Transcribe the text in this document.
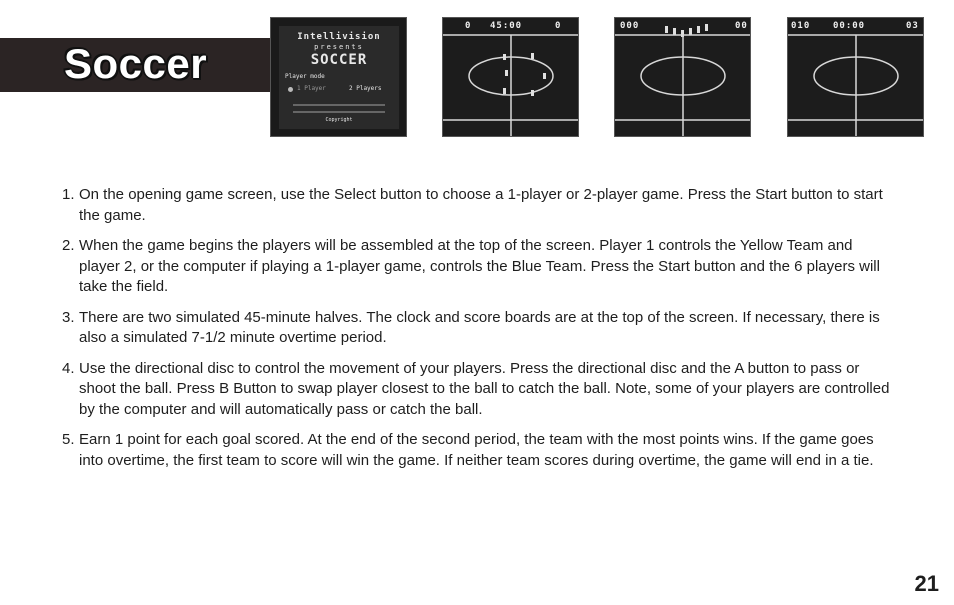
Soccer
Intellivision
presents
SOCCER
Player mode
1 Player	2 Players
Copyright
0 45:00	0	000	00	010	00:00	03
1. On the opening game screen, use the Select button to choose a 1-player or 2-player game. Press the Start button to start the game.
2. When the game begins the players will be assembled at the top of the screen. Player 1 controls the Yellow Team and player 2, or the computer if playing a 1-player game, controls the Blue Team. Press the Start button and the 6 players will take the field.
3. There are two simulated 45-minute halves. The clock and score boards are at the top of the screen. If necessary, there is also a simulated 7-1/2 minute overtime period.
4. Use the directional disc to control the movement of your players. Press the directional disc and the A button to pass or shoot the ball. Press B Button to swap player closest to the ball to catch the ball. Note, some of your players are controlled by the computer and will automatically pass or catch the ball.
5. Earn 1 point for each goal scored. At the end of the second period, the team with the most points wins. If the game goes into overtime, the first team to score will win the game. If neither team scores during overtime, the game will end in a tie.
21
